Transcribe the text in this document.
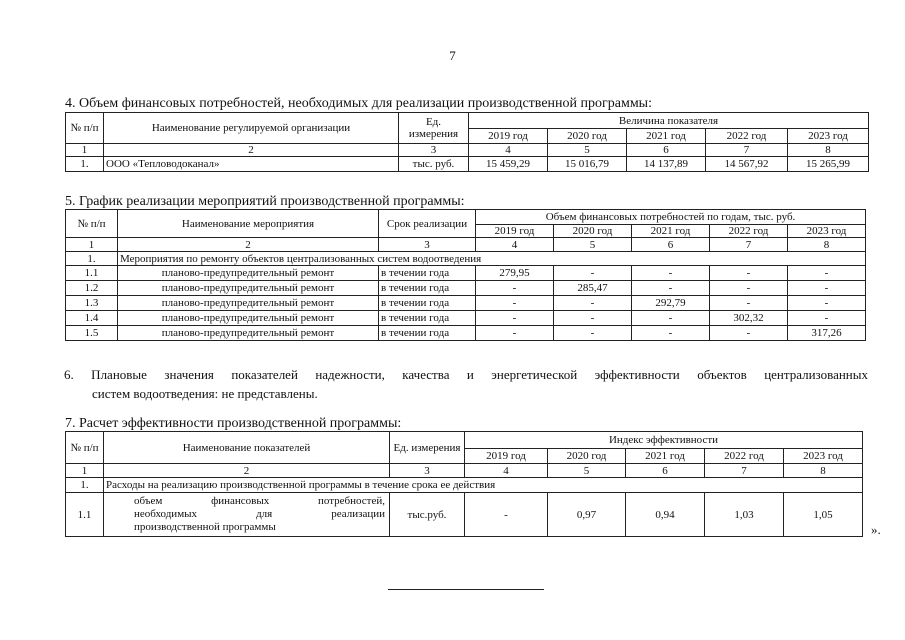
7
4. Объем финансовых потребностей, необходимых для реализации производственной программы:
№ п/п	Наименование регулируемой организации	Ед. измерения	Величина показателя				
			2019 год	2020 год	2021 год	2022 год	2023 год
1	2	3	4	5	6	7	8
1.	ООО «Тепловодоканал»	тыс. руб.	15 459,29	15 016,79	14 137,89	14 567,92	15 265,99
5. График реализации мероприятий производственной программы:
№ п/п	Наименование мероприятия	Срок реализации	Объем финансовых потребностей по годам, тыс. руб.				
			2019 год	2020 год	2021 год	2022 год	2023 год
1	2	3	4	5	6	7	8
1.	Мероприятия по ремонту объектов централизованных систем водоотведения						
1.1	планово-предупредительный ремонт	в течении года	279,95	-	-	-	-
1.2	планово-предупредительный ремонт	в течении года	-	285,47	-	-	-
1.3	планово-предупредительный ремонт	в течении года	-	-	292,79	-	-
1.4	планово-предупредительный ремонт	в течении года	-	-	-	302,32	-
1.5	планово-предупредительный ремонт	в течении года	-	-	-	-	317,26
6. Плановые значения показателей надежности, качества и энергетической эффективности объектов централизованных
систем водоотведения: не представлены.
7. Расчет эффективности производственной программы:
№ п/п	Наименование показателей	Ед. измерения	Индекс эффективности				
			2019 год	2020 год	2021 год	2022 год	2023 год
1	2	3	4	5	6	7	8
1.	Расходы на реализацию производственной программы в течение срока ее действия						
1.1	объем финансовых потребностей,
необходимых для реализации
производственной программы	тыс.руб.	-	0,97	0,94	1,03	1,05
».
